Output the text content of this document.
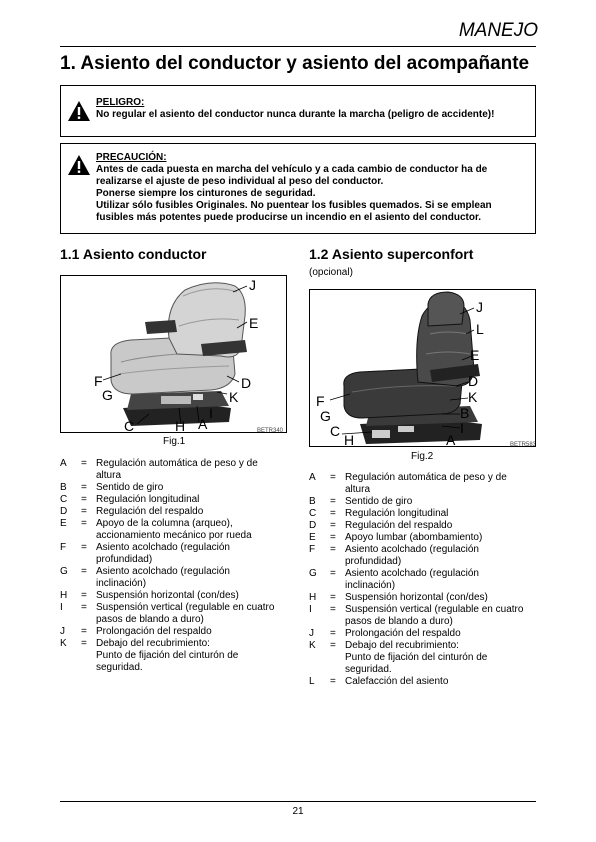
MANEJO
1. Asiento del conductor y asiento del acompañante
PELIGRO:
No regular el asiento del conductor nunca durante la marcha (peligro de accidente)!
PRECAUCIÓN:
Antes de cada puesta en marcha del vehículo y a cada cambio de conductor ha de
realizarse el ajuste de peso individual al peso del conductor.
Ponerse siempre los cinturones de seguridad.
Utilizar sólo fusibles Originales. No puentear los fusibles quemados. Si se emplean
fusibles más potentes puede producirse un incendio en el asiento del conductor.
1.1 Asiento conductor
J
E
D
K
F
G
C	H A
I
BETR340
Fig.1
A	= Regulación automática de peso y de
altura
B	= Sentido de giro
C	= Regulación longitudinal
D	= Regulación del respaldo
E	= Apoyo de la columna (arqueo),
accionamiento mecánico por rueda
F	= Asiento acolchado (regulación
profundidad)
G	= Asiento acolchado (regulación
inclinación)
H	= Suspensión horizontal (con/des)
I	= Suspensión vertical (regulable en cuatro
pasos de blando a duro)
J	= Prolongación del respaldo
K	= Debajo del recubrimiento:
Punto de fijación del cinturón de
seguridad.
1.2 Asiento superconfort
(opcional)
J
L
E
D
K
B
I
F
G
C
H	A	BETR583
Fig.2
A	= Regulación automática de peso y de
altura
B	= Sentido de giro
C	= Regulación longitudinal
D	= Regulación del respaldo
E	= Apoyo lumbar (abombamiento)
F	= Asiento acolchado (regulación
profundidad)
G	= Asiento acolchado (regulación
inclinación)
H	= Suspensión horizontal (con/des)
I	= Suspensión vertical (regulable en cuatro
pasos de blando a duro)
J	= Prolongación del respaldo
K	= Debajo del recubrimiento:
Punto de fijación del cinturón de
seguridad.
L	= Calefacción del asiento
21
